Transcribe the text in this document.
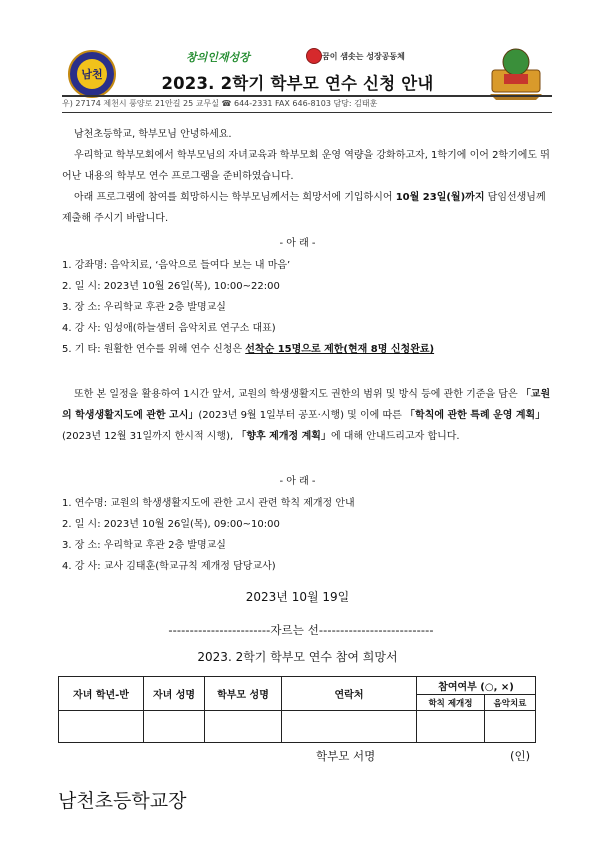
남천
창의인재성장	꿈이 샘솟는 성장공동체
2023. 2학기 학부모 연수 신청 안내
우) 27174 제천시 풍양로 21안길 25 교무실 ☎ 644-2331 FAX 646-8103 담당: 김태훈
남천초등학교, 학부모님 안녕하세요.
우리학교 학부모회에서 학부모님의 자녀교육과 학부모회 운영 역량을 강화하고자, 1학기에 이어 2학기에도 뛰어난 내용의 학부모 연수 프로그램을 준비하였습니다.
아래 프로그램에 참여를 희망하시는 학부모님께서는 희망서에 기입하시어 10월 23일(월)까지 담임선생님께 제출해 주시기 바랍니다.
- 아 래 -
1. 강좌명: 음악치료, ‘음악으로 들여다 보는 내 마음’
2. 일 시: 2023년 10월 26일(목), 10:00~22:00
3. 장 소: 우리학교 후관 2층 발명교실
4. 강 사: 임성애(하늘샘터 음악치료 연구소 대표)
5. 기 타: 원활한 연수를 위해 연수 신청은 선착순 15명으로 제한(현재 8명 신청완료)
또한 본 일정을 활용하여 1시간 앞서, 교원의 학생생활지도 권한의 범위 및 방식 등에 관한 기준을 담은 「교원의 학생생활지도에 관한 고시」(2023년 9월 1일부터 공포·시행) 및 이에 따른 「학칙에 관한 특례 운영 계획」(2023년 12월 31일까지 한시적 시행), 「향후 제개정 계획」에 대해 안내드리고자 합니다.
- 아 래 -
1. 연수명: 교원의 학생생활지도에 관한 고시 관련 학칙 제개정 안내
2. 일 시: 2023년 10월 26일(목), 09:00~10:00
3. 장 소: 우리학교 후관 2층 발명교실
4. 강 사: 교사 김태훈(학교규칙 제개정 담당교사)
2023년 10월 19일
------------------------자르는 선---------------------------
2023. 2학기 학부모 연수 참여 희망서
자녀 학년-반	자녀 성명	학부모 성명	연락처	참여여부 (○, ×)	
				학칙 제개정	음악치료

학부모 서명	(인)
남천초등학교장
